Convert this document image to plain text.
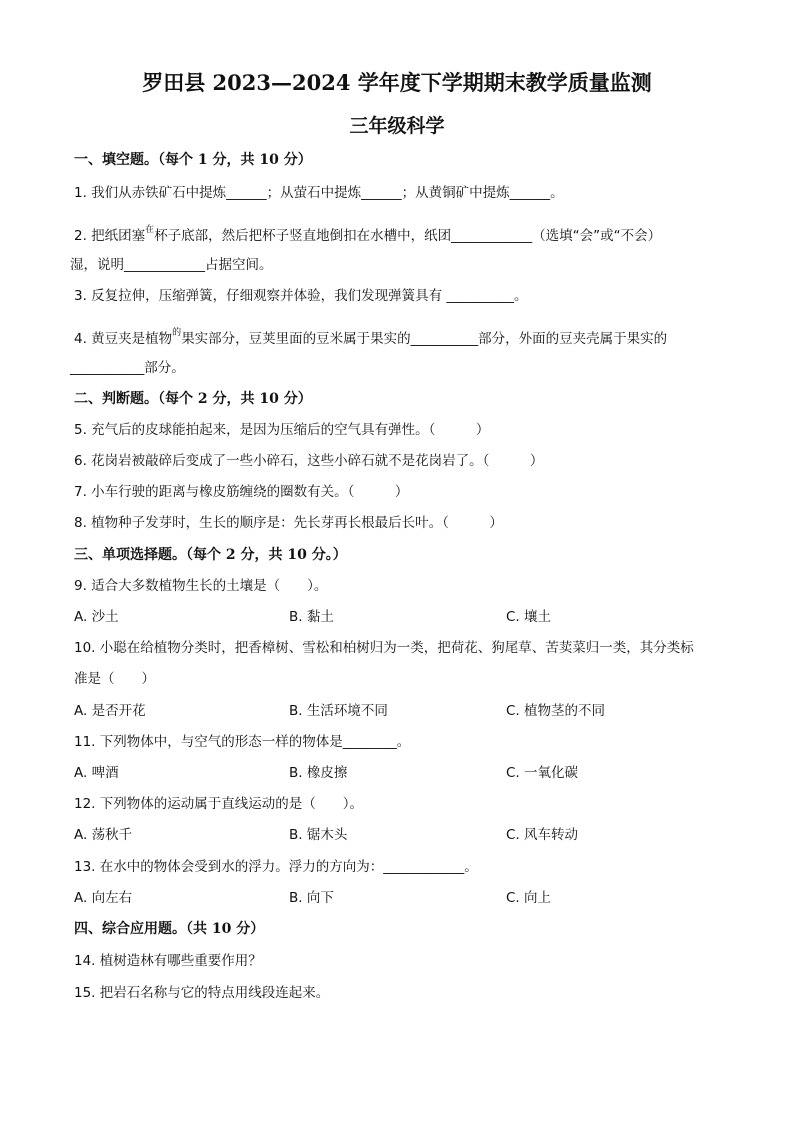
罗田县 2023—2024 学年度下学期期末教学质量监测
三年级科学
一、填空题。（每个 1 分，共 10 分）
1. 我们从赤铁矿石中提炼______；从萤石中提炼______；从黄铜矿中提炼______。
2. 把纸团塞$^在$杯子底部，然后把杯子竖直地倒扣在水槽中，纸团____________（选填“会”或“不会）
湿，说明____________占据空间。
3. 反复拉伸，压缩弹簧，仔细观察并体验，我们发现弹簧具有 __________。
4. 黄豆夹是植物$^的$果实部分，豆荚里面的豆米属于果实的__________部分，外面的豆夹壳属于果实的
___________部分。
二、判断题。（每个 2 分，共 10 分）
5. 充气后的皮球能拍起来，是因为压缩后的空气具有弹性。（　　　）
6. 花岗岩被敲碎后变成了一些小碎石，这些小碎石就不是花岗岩了。（　　　）
7. 小车行驶的距离与橡皮筋缠绕的圈数有关。（　　　）
8. 植物种子发芽时，生长的顺序是：先长芽再长根最后长叶。（　　　）
三、单项选择题。（每个 2 分，共 10 分。）
9. 适合大多数植物生长的土壤是（　　）。
A. 沙土	B. 黏土	C. 壤土
10. 小聪在给植物分类时，把香樟树、雪松和柏树归为一类，把荷花、狗尾草、苦荬菜归一类，其分类标
准是（　　）
A. 是否开花	B. 生活环境不同	C. 植物茎的不同
11. 下列物体中，与空气的形态一样的物体是________。
A. 啤酒	B. 橡皮擦	C. 一氧化碳
12. 下列物体的运动属于直线运动的是（　　）。
A. 荡秋千	B. 锯木头	C. 风车转动
13. 在水中的物体会受到水的浮力。浮力的方向为：____________。
A. 向左右	B. 向下	C. 向上
四、综合应用题。（共 10 分）
14. 植树造林有哪些重要作用？
15. 把岩石名称与它的特点用线段连起来。
